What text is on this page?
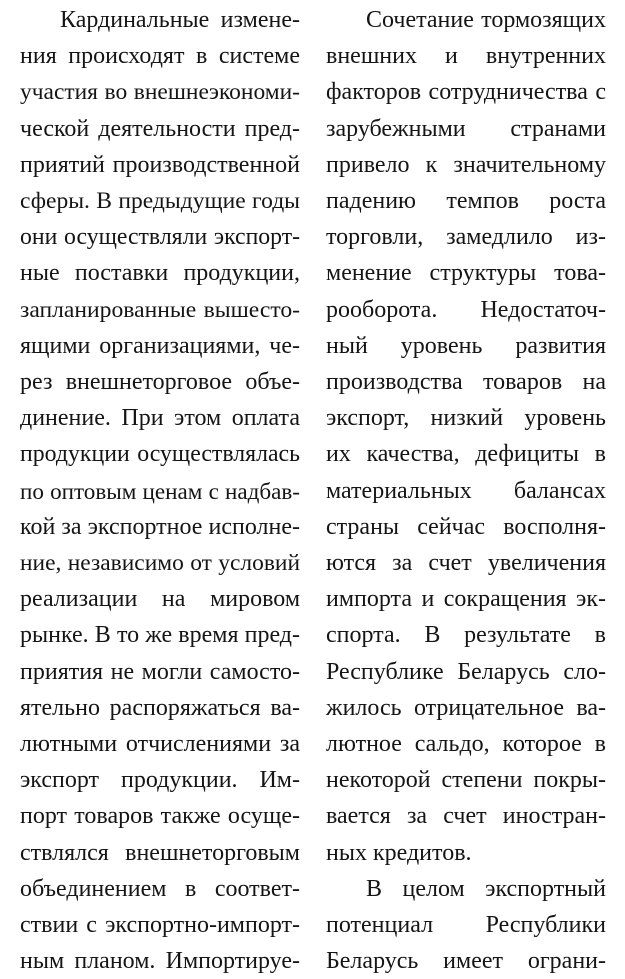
Кардинальные измене-
ния происходят в системе
участия во внешнеэкономи-
ческой деятельности пред-
приятий производственной
сферы. В предыдущие годы
они осуществляли экспорт-
ные поставки продукции,
запланированные вышесто-
ящими организациями, че-
рез внешнеторговое объе-
динение. При этом оплата
продукции осуществлялась
по оптовым ценам с надбав-
кой за экспортное исполне-
ние, независимо от условий
реализации на мировом
рынке. В то же время пред-
приятия не могли самосто-
ятельно распоряжаться ва-
лютными отчислениями за
экспорт продукции. Им-
порт товаров также осуще-
ствлялся внешнеторговым
объединением в соответ-
ствии с экспортно-импорт-
ным планом. Импортируе-
Сочетание тормозящих
внешних и внутренних
факторов сотрудничества с
зарубежными странами
привело к значительному
падению темпов роста
торговли, замедлило из-
менение структуры това-
рооборота. Недостаточ-
ный уровень развития
производства товаров на
экспорт, низкий уровень
их качества, дефициты в
материальных балансах
страны сейчас восполня-
ются за счет увеличения
импорта и сокращения эк-
спорта. В результате в
Республике Беларусь сло-
жилось отрицательное ва-
лютное сальдо, которое в
некоторой степени покры-
вается за счет иностран-
ных кредитов.
В целом экспортный
потенциал Республики
Беларусь имеет ограни-
